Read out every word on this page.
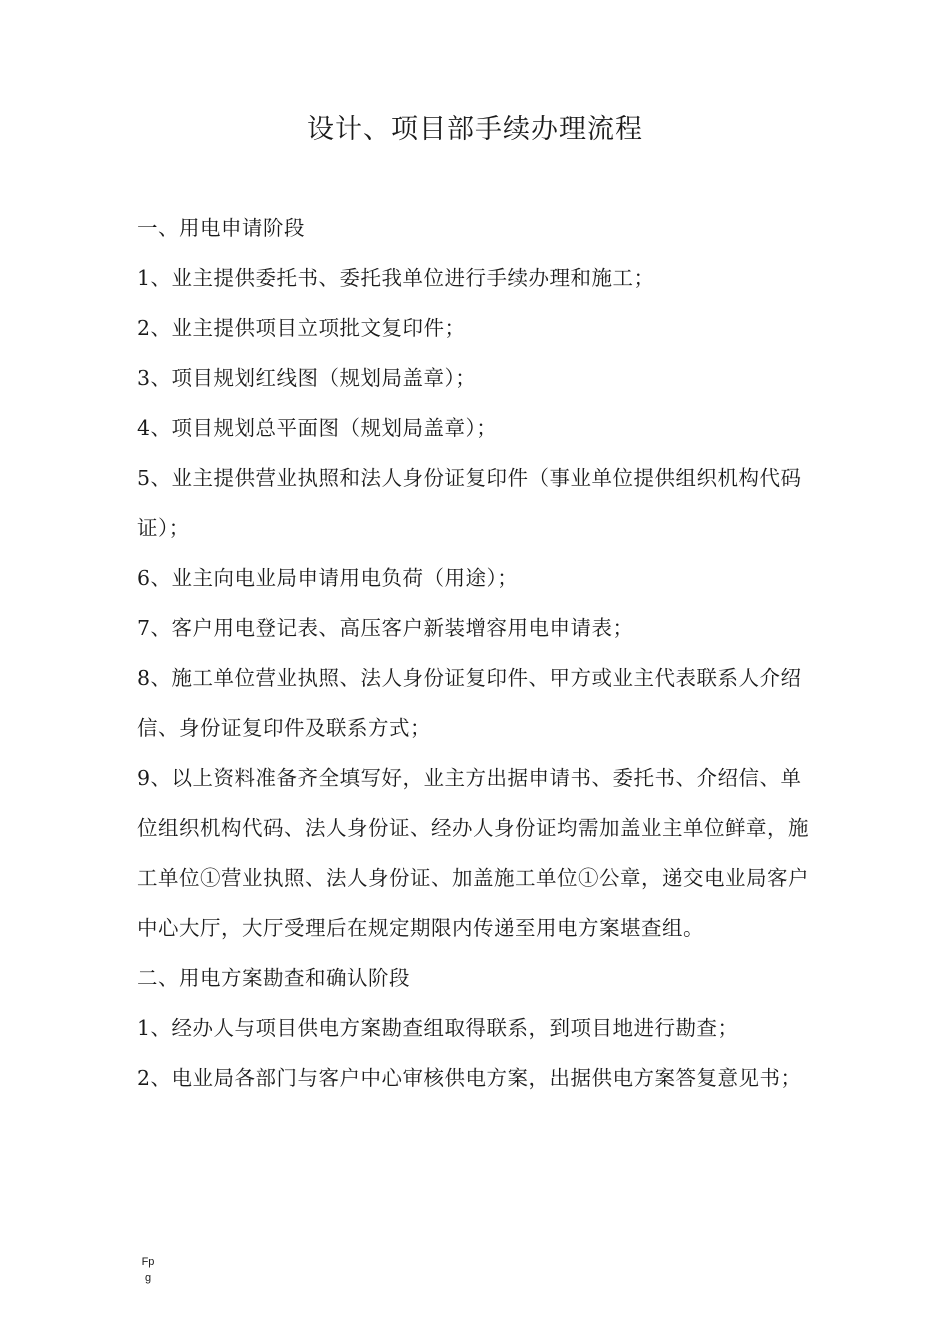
设计、项目部手续办理流程

一、用电申请阶段

1、业主提供委托书、委托我单位进行手续办理和施工；

2、业主提供项目立项批文复印件；

3、项目规划红线图（规划局盖章）；

4、项目规划总平面图（规划局盖章）；

5、业主提供营业执照和法人身份证复印件（事业单位提供组织机构代码证）；

6、业主向电业局申请用电负荷（用途）；

7、客户用电登记表、高压客户新装增容用电申请表；

8、施工单位营业执照、法人身份证复印件、甲方或业主代表联系人介绍信、身份证复印件及联系方式；

9、以上资料准备齐全填写好，业主方出据申请书、委托书、介绍信、单位组织机构代码、法人身份证、经办人身份证均需加盖业主单位鲜章，施工单位①营业执照、法人身份证、加盖施工单位①公章，递交电业局客户中心大厅，大厅受理后在规定期限内传递至用电方案堪查组。

二、用电方案勘查和确认阶段

1、经办人与项目供电方案勘查组取得联系，到项目地进行勘查；

2、电业局各部门与客户中心审核供电方案，出据供电方案答复意见书；

Fpg
